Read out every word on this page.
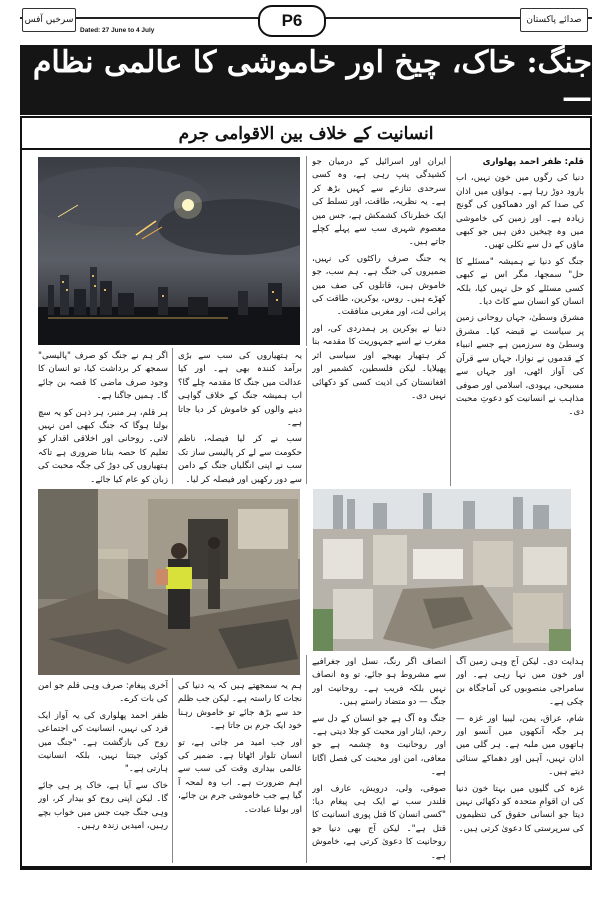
سرخیں آفس	صدائے پاکستان
P6
Dated: 27 June to 4 July
جنگ: خاک، چیخ اور خاموشی کا عالمی نظام —
انسانیت کے خلاف بین الاقوامی جرم

قلم: ظفر احمد پھلواری

دنیا کی رگوں میں خون نہیں، اب بارود دوڑ رہا ہے۔ ہواؤں میں اذان کی صدا کم اور دھماکوں کی گونج زیادہ ہے۔ اور زمین کی خاموشی میں وہ چیخیں دفن ہیں جو کبھی ماؤں کے دل سے نکلی تھیں۔

جنگ کو دنیا نے ہمیشہ "مسئلے کا حل" سمجھا، مگر اس نے کبھی کسی مسئلے کو حل نہیں کیا، بلکہ انسان کو انسان سے کاٹ دیا۔

مشرق وسطیٰ، جہاں روحانی زمین پر سیاست نے قبضہ کیا۔ مشرق وسطیٰ وہ سرزمین ہے جسے انبیاء کے قدموں نے نوازا، جہاں سے قرآن کی آواز اٹھی، اور جہاں سے مسیحی، یہودی، اسلامی اور صوفی مذاہب نے انسانیت کو دعوتِ محبت دی۔

ایران اور اسرائیل کے درمیان جو کشیدگی پنپ رہی ہے، وہ کسی سرحدی تنازعے سے کہیں بڑھ کر ہے۔ یہ نظریہ، طاقت، اور تسلط کی ایک خطرناک کشمکش ہے، جس میں معصوم شہری سب سے پہلے کچلے جاتے ہیں۔

یہ جنگ صرف راکٹوں کی نہیں، ضمیروں کی جنگ ہے۔ ہم سب، جو خاموش ہیں، قاتلوں کی صف میں کھڑے ہیں۔ روس، یوکرین، طاقت کی پرانی لت، اور مغربی منافقت۔

دنیا نے یوکرین پر ہمدردی کی، اور مغرب نے اسے جمہوریت کا مقدمہ بنا کر ہتھیار بھیجے اور سیاسی اثر پھیلایا۔ لیکن فلسطین، کشمیر اور افغانستان کی اذیت کسی کو دکھائی نہیں دی۔

یہ ہتھیاروں کی سب سے بڑی برآمد کنندہ بھی ہے۔ اور کیا عدالت میں جنگ کا مقدمہ چلے گا؟ اب ہمیشہ جنگ کے خلاف گواہی دینے والوں کو خاموش کر دیا جاتا ہے۔

سب نے کر لیا فیصلہ، ناظم حکومت سے لے کر پالیسی ساز تک سب نے اپنی انگلیاں جنگ کے دامن سے دور رکھیں اور فیصلہ کر لیا۔

اگر ہم نے جنگ کو صرف "پالیسی" سمجھ کر برداشت کیا، تو انسان کا وجود صرف ماضی کا قصہ بن جائے گا۔ ہمیں جاگنا ہے۔

ہر قلم، ہر منبر، ہر ذہن کو یہ سچ بولنا ہوگا کہ جنگ کبھی امن نہیں لاتی۔ روحانی اور اخلاقی اقدار کو تعلیم کا حصہ بنانا ضروری ہے تاکہ ہتھیاروں کی دوڑ کی جگہ محبت کی زبان کو عام کیا جائے۔

ہدایت دی۔ لیکن آج وہی زمین آگ اور خون میں نہا رہی ہے۔ اور سامراجی منصوبوں کی آماجگاہ بن چکی ہے۔

شام، عراق، یمن، لیبیا اور غزہ — ہر جگہ آنکھوں میں آنسو اور ہاتھوں میں ملبہ ہے۔ ہر گلی میں اذان نہیں، آہیں اور دھماکے سنائی دیتے ہیں۔

غزہ کی گلیوں میں بہتا خون دنیا کی ان اقوامِ متحدہ کو دکھائی نہیں دیتا جو انسانی حقوق کی تنظیموں کی سرپرستی کا دعویٰ کرتی ہیں۔

انصاف اگر رنگ، نسل اور جغرافیے سے مشروط ہو جائے، تو وہ انصاف نہیں بلکہ فریب ہے۔ روحانیت اور جنگ — دو متضاد راستے ہیں۔

جنگ وہ آگ ہے جو انسان کے دل سے رحم، ایثار اور محبت کو جلا دیتی ہے۔ اور روحانیت وہ چشمہ ہے جو معافی، امن اور محبت کی فصل اگاتا ہے۔

صوفی، ولی، درویش، عارف اور قلندر سب نے ایک ہی پیغام دیا: "کسی انسان کا قتل پوری انسانیت کا قتل ہے"۔ لیکن آج بھی دنیا جو روحانیت کا دعویٰ کرتی ہے، خاموش ہے۔

ہم یہ سمجھتے ہیں کہ یہ دنیا کی نجات کا راستہ ہے۔ لیکن جب ظلم حد سے بڑھ جائے تو خاموش رہنا خود ایک جرم بن جاتا ہے۔

اور جب امید مر جاتی ہے، تو انسان تلوار اٹھاتا ہے۔ ضمیر کی عالمی بیداری وقت کی سب سے اہم ضرورت ہے۔ اب وہ لمحہ آ گیا ہے جب خاموشی جرم بن جائے، اور بولنا عبادت۔

آخری پیغام: صرف وہی قلم جو امن کی بات کرے۔

ظفر احمد پھلواری کی یہ آواز ایک فرد کی نہیں، انسانیت کی اجتماعی روح کی بازگشت ہے۔ "جنگ میں کوئی جیتتا نہیں، بلکہ انسانیت ہارتی ہے۔"

خاک سے آیا ہے، خاک پر ہی جائے گا۔ لیکن اپنی روح کو بیدار کر، اور وہی جنگ جیت جس میں خواب بچے رہیں، امیدیں زندہ رہیں۔
